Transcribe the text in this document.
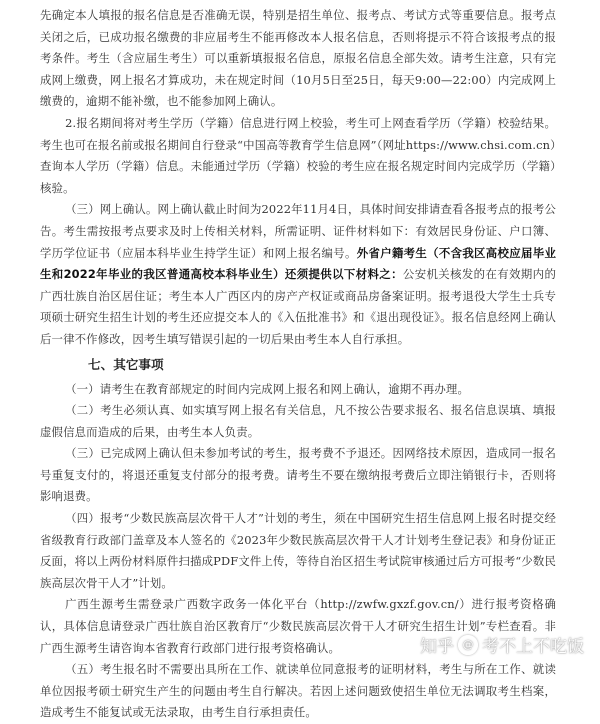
先确定本人填报的报名信息是否准确无误，特别是招生单位、报考点、考试方式等重要信息。报考点关闭之后，已成功报名缴费的非应届考生不能再修改本人报名信息，否则将提示不符合该报考点的报考条件。考生（含应届生考生）可以重新填报报名信息，原报名信息全部失效。请考生注意，只有完成网上缴费，网上报名才算成功，未在规定时间（10月5日至25日，每天9:00—22:00）内完成网上缴费的，逾期不能补缴，也不能参加网上确认。

2.报名期间将对考生学历（学籍）信息进行网上校验，考生可上网查看学历（学籍）校验结果。考生也可在报名前或报名期间自行登录“中国高等教育学生信息网”（网址https://www.chsi.com.cn）查询本人学历（学籍）信息。未能通过学历（学籍）校验的考生应在报名规定时间内完成学历（学籍）核验。

（三）网上确认。网上确认截止时间为2022年11月4日，具体时间安排请查看各报考点的报考公告。考生需按报考点要求及时上传相关材料，所需证明、证件材料如下：有效居民身份证、户口簿、学历学位证书（应届本科毕业生持学生证）和网上报名编号。外省户籍考生（不含我区高校应届毕业生和2022年毕业的我区普通高校本科毕业生）还须提供以下材料之：公安机关核发的在有效期内的广西壮族自治区居住证；考生本人广西区内的房产产权证或商品房备案证明。报考退役大学生士兵专项硕士研究生招生计划的考生还应提交本人的《入伍批准书》和《退出现役证》。报名信息经网上确认后一律不作修改，因考生填写错误引起的一切后果由考生本人自行承担。

七、其它事项

（一）请考生在教育部规定的时间内完成网上报名和网上确认，逾期不再办理。

（二）考生必须认真、如实填写网上报名有关信息，凡不按公告要求报名、报名信息误填、填报虚假信息而造成的后果，由考生本人负责。

（三）已完成网上确认但未参加考试的考生，报考费不予退还。因网络技术原因，造成同一报名号重复支付的，将退还重复支付部分的报考费。请考生不要在缴纳报考费后立即注销银行卡，否则将影响退费。

（四）报考“少数民族高层次骨干人才”计划的考生，须在中国研究生招生信息网上报名时提交经省级教育行政部门盖章及本人签名的《2023年少数民族高层次骨干人才计划考生登记表》和身份证正反面，将以上两份材料原件扫描成PDF文件上传，等待自治区招生考试院审核通过后方可报考“少数民族高层次骨干人才”计划。

广西生源考生需登录广西数字政务一体化平台（http://zwfw.gxzf.gov.cn/）进行报考资格确认，具体信息请登录广西壮族自治区教育厅“少数民族高层次骨干人才研究生招生计划”专栏查看。非广西生源考生请咨询本省教育行政部门进行报考资格确认。

（五）考生报名时不需要出具所在工作、就读单位同意报考的证明材料，考生与所在工作、就读单位因报考硕士研究生产生的问题由考生自行解决。若因上述问题致使招生单位无法调取考生档案，造成考生不能复试或无法录取，由考生自行承担责任。

知乎 @ 考不上不吃饭
